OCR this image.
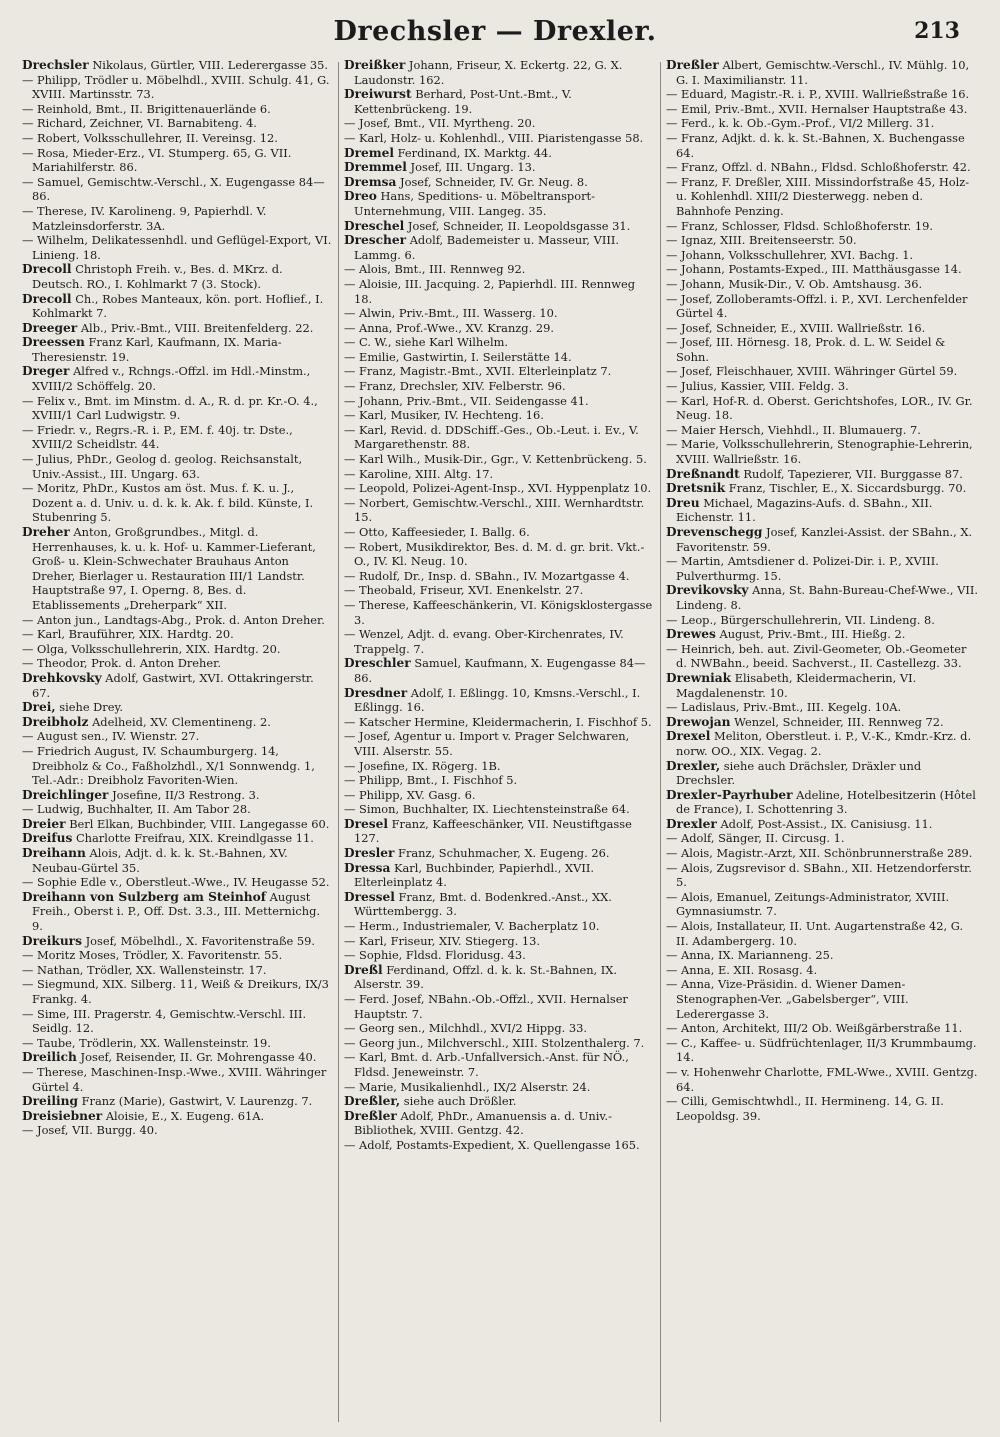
Drechsler — Drexler.	213

Drechsler Nikolaus, Gürtler, VIII. Lederergasse 35.

— Philipp, Trödler u. Möbelhdl., XVIII. Schulg. 41, G. XVIII. Martinsstr. 73.

— Reinhold, Bmt., II. Brigittenauerlände 6.

— Richard, Zeichner, VI. Barnabiteng. 4.

— Robert, Volksschullehrer, II. Vereinsg. 12.

— Rosa, Mieder-Erz., VI. Stumperg. 65, G. VII. Mariahilferstr. 86.

— Samuel, Gemischtw.-Verschl., X. Eugengasse 84—86.

— Therese, IV. Karolineng. 9, Papierhdl. V. Matzleinsdorferstr. 3A.

— Wilhelm, Delikatessenhdl. und Geflügel-Export, VI. Linieng. 18.

Drecoll Christoph Freih. v., Bes. d. MKrz. d. Deutsch. RO., I. Kohlmarkt 7 (3. Stock).

Drecoll Ch., Robes Manteaux, kön. port. Hoflief., I. Kohlmarkt 7.

Dreeger Alb., Priv.-Bmt., VIII. Breitenfelderg. 22.

Dreessen Franz Karl, Kaufmann, IX. Maria-Theresienstr. 19.

Dreger Alfred v., Rchngs.-Offzl. im Hdl.-Minstm., XVIII/2 Schöffelg. 20.

— Felix v., Bmt. im Minstm. d. A., R. d. pr. Kr.-O. 4., XVIII/1 Carl Ludwigstr. 9.

— Friedr. v., Regrs.-R. i. P., EM. f. 40j. tr. Dste., XVIII/2 Scheidlstr. 44.

— Julius, PhDr., Geolog d. geolog. Reichsanstalt, Univ.-Assist., III. Ungarg. 63.

— Moritz, PhDr., Kustos am öst. Mus. f. K. u. J., Dozent a. d. Univ. u. d. k. k. Ak. f. bild. Künste, I. Stubenring 5.

Dreher Anton, Großgrundbes., Mitgl. d. Herrenhauses, k. u. k. Hof- u. Kammer-Lieferant, Groß- u. Klein-Schwechater Brauhaus Anton Dreher, Bierlager u. Restauration III/1 Landstr. Hauptstraße 97, I. Operng. 8, Bes. d. Etablissements „Dreherpark“ XII.

— Anton jun., Landtags-Abg., Prok. d. Anton Dreher.

— Karl, Brauführer, XIX. Hardtg. 20.

— Olga, Volksschullehrerin, XIX. Hardtg. 20.

— Theodor, Prok. d. Anton Dreher.

Drehkovsky Adolf, Gastwirt, XVI. Ottakringerstr. 67.

Drei, siehe Drey.

Dreibholz Adelheid, XV. Clementineng. 2.

— August sen., IV. Wienstr. 27.

— Friedrich August, IV. Schaumburgerg. 14, Dreibholz & Co., Faßholzhdl., X/1 Sonnwendg. 1, Tel.-Adr.: Dreibholz Favoriten-Wien.

Dreichlinger Josefine, II/3 Restrong. 3.

— Ludwig, Buchhalter, II. Am Tabor 28.

Dreier Berl Elkan, Buchbinder, VIII. Langegasse 60.

Dreifus Charlotte Freifrau, XIX. Kreindlgasse 11.

Dreihann Alois, Adjt. d. k. k. St.-Bahnen, XV. Neubau-Gürtel 35.

— Sophie Edle v., Oberstleut.-Wwe., IV. Heugasse 52.

Dreihann von Sulzberg am Steinhof August Freih., Oberst i. P., Off. Dst. 3.3., III. Metternichg. 9.

Dreikurs Josef, Möbelhdl., X. Favoritenstraße 59.

— Moritz Moses, Trödler, X. Favoritenstr. 55.

— Nathan, Trödler, XX. Wallensteinstr. 17.

— Siegmund, XIX. Silberg. 11, Weiß & Dreikurs, IX/3 Frankg. 4.

— Sime, III. Pragerstr. 4, Gemischtw.-Verschl. III. Seidlg. 12.

— Taube, Trödlerin, XX. Wallensteinstr. 19.

Dreilich Josef, Reisender, II. Gr. Mohrengasse 40.

— Therese, Maschinen-Insp.-Wwe., XVIII. Währinger Gürtel 4.

Dreiling Franz (Marie), Gastwirt, V. Laurenzg. 7.

Dreisiebner Aloisie, E., X. Eugeng. 61A.

— Josef, VII. Burgg. 40.

Dreißker Johann, Friseur, X. Eckertg. 22, G. X. Laudonstr. 162.

Dreiwurst Berhard, Post-Unt.-Bmt., V. Kettenbrückeng. 19.

— Josef, Bmt., VII. Myrtheng. 20.

— Karl, Holz- u. Kohlenhdl., VIII. Piaristengasse 58.

Dremel Ferdinand, IX. Marktg. 44.

Dremmel Josef, III. Ungarg. 13.

Dremsa Josef, Schneider, IV. Gr. Neug. 8.

Dreo Hans, Speditions- u. Möbeltransport-Unternehmung, VIII. Langeg. 35.

Dreschel Josef, Schneider, II. Leopoldsgasse 31.

Drescher Adolf, Bademeister u. Masseur, VIII. Lammg. 6.

— Alois, Bmt., III. Rennweg 92.

— Aloisie, III. Jacquing. 2, Papierhdl. III. Rennweg 18.

— Alwin, Priv.-Bmt., III. Wasserg. 10.

— Anna, Prof.-Wwe., XV. Kranzg. 29.

— C. W., siehe Karl Wilhelm.

— Emilie, Gastwirtin, I. Seilerstätte 14.

— Franz, Magistr.-Bmt., XVII. Elterleinplatz 7.

— Franz, Drechsler, XIV. Felberstr. 96.

— Johann, Priv.-Bmt., VII. Seidengasse 41.

— Karl, Musiker, IV. Hechteng. 16.

— Karl, Revid. d. DDSchiff.-Ges., Ob.-Leut. i. Ev., V. Margarethenstr. 88.

— Karl Wilh., Musik-Dir., Ggr., V. Kettenbrückeng. 5.

— Karoline, XIII. Altg. 17.

— Leopold, Polizei-Agent-Insp., XVI. Hyppenplatz 10.

— Norbert, Gemischtw.-Verschl., XIII. Wernhardtstr. 15.

— Otto, Kaffeesieder, I. Ballg. 6.

— Robert, Musikdirektor, Bes. d. M. d. gr. brit. Vkt.-O., IV. Kl. Neug. 10.

— Rudolf, Dr., Insp. d. SBahn., IV. Mozartgasse 4.

— Theobald, Friseur, XVI. Enenkelstr. 27.

— Therese, Kaffeeschänkerin, VI. Königsklostergasse 3.

— Wenzel, Adjt. d. evang. Ober-Kirchenrates, IV. Trappelg. 7.

Dreschler Samuel, Kaufmann, X. Eugengasse 84—86.

Dresdner Adolf, I. Eßlingg. 10, Kmsns.-Verschl., I. Eßlingg. 16.

— Katscher Hermine, Kleidermacherin, I. Fischhof 5.

— Josef, Agentur u. Import v. Prager Selchwaren, VIII. Alserstr. 55.

— Josefine, IX. Rögerg. 1B.

— Philipp, Bmt., I. Fischhof 5.

— Philipp, XV. Gasg. 6.

— Simon, Buchhalter, IX. Liechtensteinstraße 64.

Dresel Franz, Kaffeeschänker, VII. Neustiftgasse 127.

Dresler Franz, Schuhmacher, X. Eugeng. 26.

Dressa Karl, Buchbinder, Papierhdl., XVII. Elterleinplatz 4.

Dressel Franz, Bmt. d. Bodenkred.-Anst., XX. Württembergg. 3.

— Herm., Industriemaler, V. Bacherplatz 10.

— Karl, Friseur, XIV. Stiegerg. 13.

— Sophie, Fldsd. Floridusg. 43.

Dreßl Ferdinand, Offzl. d. k. k. St.-Bahnen, IX. Alserstr. 39.

— Ferd. Josef, NBahn.-Ob.-Offzl., XVII. Hernalser Hauptstr. 7.

— Georg sen., Milchhdl., XVI/2 Hippg. 33.

— Georg jun., Milchverschl., XIII. Stolzenthalerg. 7.

— Karl, Bmt. d. Arb.-Unfallversich.-Anst. für NÖ., Fldsd. Jeneweinstr. 7.

— Marie, Musikalienhdl., IX/2 Alserstr. 24.

Dreßler, siehe auch Drößler.

Dreßler Adolf, PhDr., Amanuensis a. d. Univ.-Bibliothek, XVIII. Gentzg. 42.

— Adolf, Postamts-Expedient, X. Quellengasse 165.

Dreßler Albert, Gemischtw.-Verschl., IV. Mühlg. 10, G. I. Maximilianstr. 11.

— Eduard, Magistr.-R. i. P., XVIII. Wallrießstraße 16.

— Emil, Priv.-Bmt., XVII. Hernalser Hauptstraße 43.

— Ferd., k. k. Ob.-Gym.-Prof., VI/2 Millerg. 31.

— Franz, Adjkt. d. k. k. St.-Bahnen, X. Buchengasse 64.

— Franz, Offzl. d. NBahn., Fldsd. Schloßhoferstr. 42.

— Franz, F. Dreßler, XIII. Missindorfstraße 45, Holz- u. Kohlenhdl. XIII/2 Diesterwegg. neben d. Bahnhofe Penzing.

— Franz, Schlosser, Fldsd. Schloßhoferstr. 19.

— Ignaz, XIII. Breitenseerstr. 50.

— Johann, Volksschullehrer, XVI. Bachg. 1.

— Johann, Postamts-Exped., III. Matthäusgasse 14.

— Johann, Musik-Dir., V. Ob. Amtshausg. 36.

— Josef, Zolloberamts-Offzl. i. P., XVI. Lerchenfelder Gürtel 4.

— Josef, Schneider, E., XVIII. Wallrießstr. 16.

— Josef, III. Hörnesg. 18, Prok. d. L. W. Seidel & Sohn.

— Josef, Fleischhauer, XVIII. Währinger Gürtel 59.

— Julius, Kassier, VIII. Feldg. 3.

— Karl, Hof-R. d. Oberst. Gerichtshofes, LOR., IV. Gr. Neug. 18.

— Maier Hersch, Viehhdl., II. Blumauerg. 7.

— Marie, Volksschullehrerin, Stenographie-Lehrerin, XVIII. Wallrießstr. 16.

Dreßnandt Rudolf, Tapezierer, VII. Burggasse 87.

Dretsnik Franz, Tischler, E., X. Siccardsburgg. 70.

Dreu Michael, Magazins-Aufs. d. SBahn., XII. Eichenstr. 11.

Drevenschegg Josef, Kanzlei-Assist. der SBahn., X. Favoritenstr. 59.

— Martin, Amtsdiener d. Polizei-Dir. i. P., XVIII. Pulverthurmg. 15.

Drevikovsky Anna, St. Bahn-Bureau-Chef-Wwe., VII. Lindeng. 8.

— Leop., Bürgerschullehrerin, VII. Lindeng. 8.

Drewes August, Priv.-Bmt., III. Hießg. 2.

— Heinrich, beh. aut. Zivil-Geometer, Ob.-Geometer d. NWBahn., beeid. Sachverst., II. Castellezg. 33.

Drewniak Elisabeth, Kleidermacherin, VI. Magdalenenstr. 10.

— Ladislaus, Priv.-Bmt., III. Kegelg. 10A.

Drewojan Wenzel, Schneider, III. Rennweg 72.

Drexel Meliton, Oberstleut. i. P., V.-K., Kmdr.-Krz. d. norw. OO., XIX. Vegag. 2.

Drexler, siehe auch Drächsler, Dräxler und Drechsler.

Drexler-Payrhuber Adeline, Hotelbesitzerin (Hôtel de France), I. Schottenring 3.

Drexler Adolf, Post-Assist., IX. Canisiusg. 11.

— Adolf, Sänger, II. Circusg. 1.

— Alois, Magistr.-Arzt, XII. Schönbrunnerstraße 289.

— Alois, Zugsrevisor d. SBahn., XII. Hetzendorferstr. 5.

— Alois, Emanuel, Zeitungs-Administrator, XVIII. Gymnasiumstr. 7.

— Alois, Installateur, II. Unt. Augartenstraße 42, G. II. Adambergerg. 10.

— Anna, IX. Marianneng. 25.

— Anna, E. XII. Rosasg. 4.

— Anna, Vize-Präsidin. d. Wiener Damen-Stenographen-Ver. „Gabelsberger“, VIII. Lederergasse 3.

— Anton, Architekt, III/2 Ob. Weißgärberstraße 11.

— C., Kaffee- u. Südfrüchtenlager, II/3 Krummbaumg. 14.

— v. Hohenwehr Charlotte, FML-Wwe., XVIII. Gentzg. 64.

— Cilli, Gemischtwhdl., II. Hermineng. 14, G. II. Leopoldsg. 39.
